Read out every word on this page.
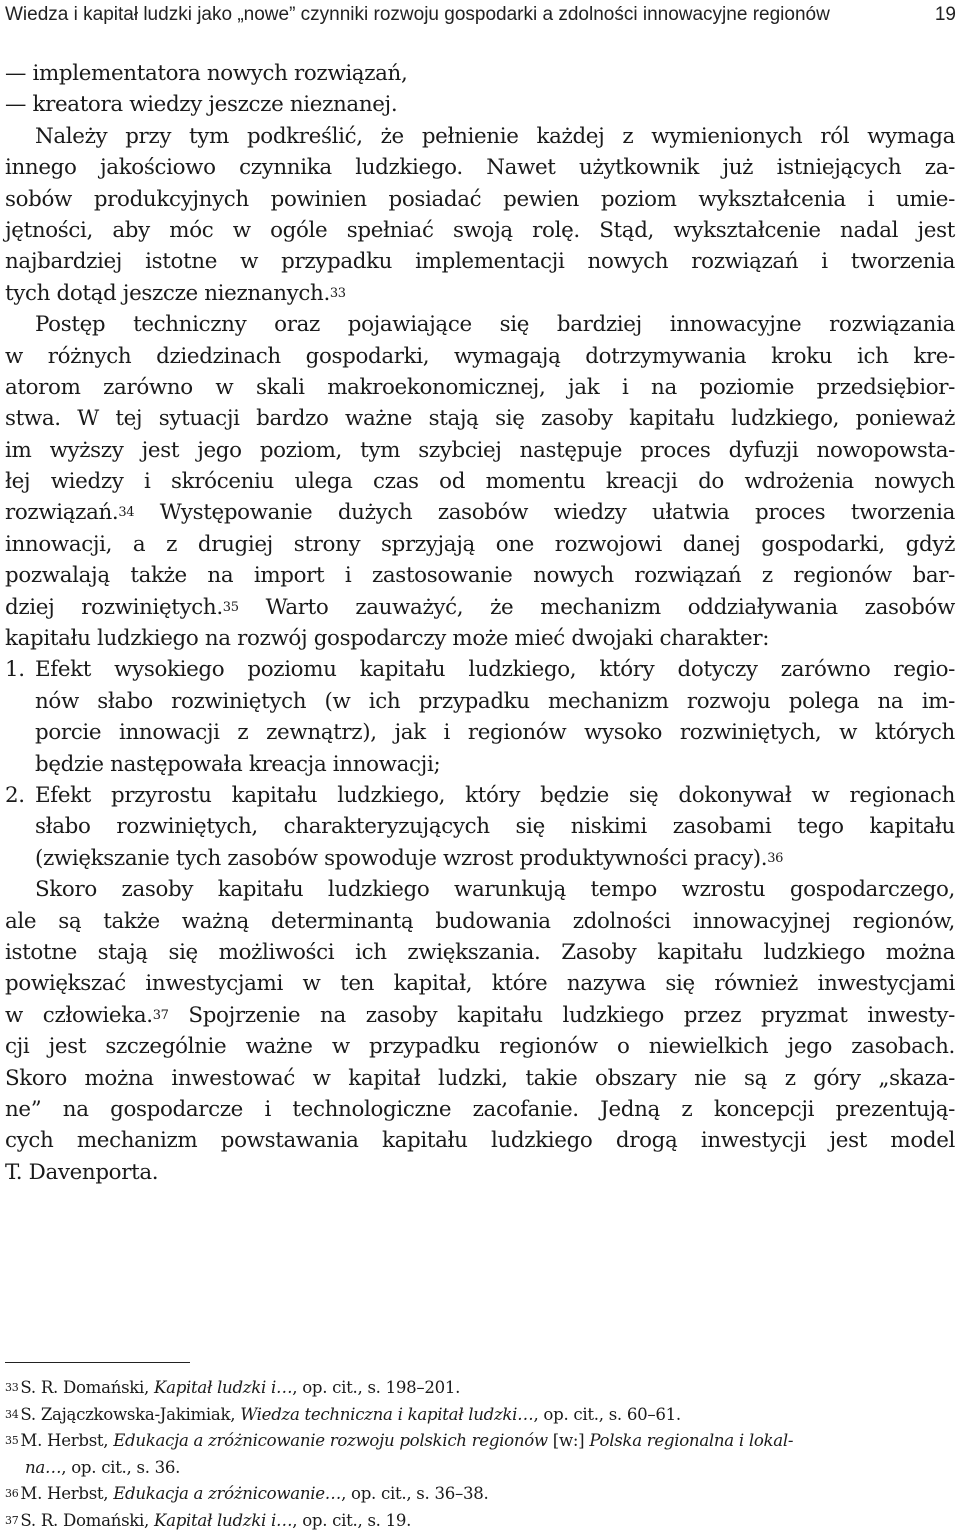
Wiedza i kapitał ludzki jako „nowe” czynniki rozwoju gospodarki a zdolności innowacyjne regionów	19
— implementatora nowych rozwiązań,
— kreatora wiedzy jeszcze nieznanej.
Należy przy tym podkreślić, że pełnienie każdej z wymienionych ról wymaga
innego jakościowo czynnika ludzkiego. Nawet użytkownik już istniejących za-
sobów produkcyjnych powinien posiadać pewien poziom wykształcenia i umie-
jętności, aby móc w ogóle spełniać swoją rolę. Stąd, wykształcenie nadal jest
najbardziej istotne w przypadku implementacji nowych rozwiązań i tworzenia
tych dotąd jeszcze nieznanych.$^{33}$
Postęp techniczny oraz pojawiające się bardziej innowacyjne rozwiązania
w różnych dziedzinach gospodarki, wymagają dotrzymywania kroku ich kre-
atorom zarówno w skali makroekonomicznej, jak i na poziomie przedsiębior-
stwa. W tej sytuacji bardzo ważne stają się zasoby kapitału ludzkiego, ponieważ
im wyższy jest jego poziom, tym szybciej następuje proces dyfuzji nowopowsta-
łej wiedzy i skróceniu ulega czas od momentu kreacji do wdrożenia nowych
rozwiązań.$^{34}$ Występowanie dużych zasobów wiedzy ułatwia proces tworzenia
innowacji, a z drugiej strony sprzyjają one rozwojowi danej gospodarki, gdyż
pozwalają także na import i zastosowanie nowych rozwiązań z regionów bar-
dziej rozwiniętych.$^{35}$ Warto zauważyć, że mechanizm oddziaływania zasobów
kapitału ludzkiego na rozwój gospodarczy może mieć dwojaki charakter:
1. Efekt wysokiego poziomu kapitału ludzkiego, który dotyczy zarówno regio-
nów słabo rozwiniętych (w ich przypadku mechanizm rozwoju polega na im-
porcie innowacji z zewnątrz), jak i regionów wysoko rozwiniętych, w których
będzie następowała kreacja innowacji;
2. Efekt przyrostu kapitału ludzkiego, który będzie się dokonywał w regionach
słabo rozwiniętych, charakteryzujących się niskimi zasobami tego kapitału
(zwiększanie tych zasobów spowoduje wzrost produktywności pracy).$^{36}$
Skoro zasoby kapitału ludzkiego warunkują tempo wzrostu gospodarczego,
ale są także ważną determinantą budowania zdolności innowacyjnej regionów,
istotne stają się możliwości ich zwiększania. Zasoby kapitału ludzkiego można
powiększać inwestycjami w ten kapitał, które nazywa się również inwestycjami
w człowieka.$^{37}$ Spojrzenie na zasoby kapitału ludzkiego przez pryzmat inwesty-
cji jest szczególnie ważne w przypadku regionów o niewielkich jego zasobach.
Skoro można inwestować w kapitał ludzki, takie obszary nie są z góry „skaza-
ne” na gospodarcze i technologiczne zacofanie. Jedną z koncepcji prezentują-
cych mechanizm powstawania kapitału ludzkiego drogą inwestycji jest model
T. Davenporta.
$^{33}$ S. R. Domański, Kapitał ludzki i…, op. cit., s. 198–201.
$^{34}$ S. Zajączkowska-Jakimiak, Wiedza techniczna i kapitał ludzki…, op. cit., s. 60–61.
$^{35}$ M. Herbst, Edukacja a zróżnicowanie rozwoju polskich regionów [w:] Polska regionalna i lokal-
na…, op. cit., s. 36.
$^{36}$ M. Herbst, Edukacja a zróżnicowanie…, op. cit., s. 36–38.
$^{37}$ S. R. Domański, Kapitał ludzki i…, op. cit., s. 19.
